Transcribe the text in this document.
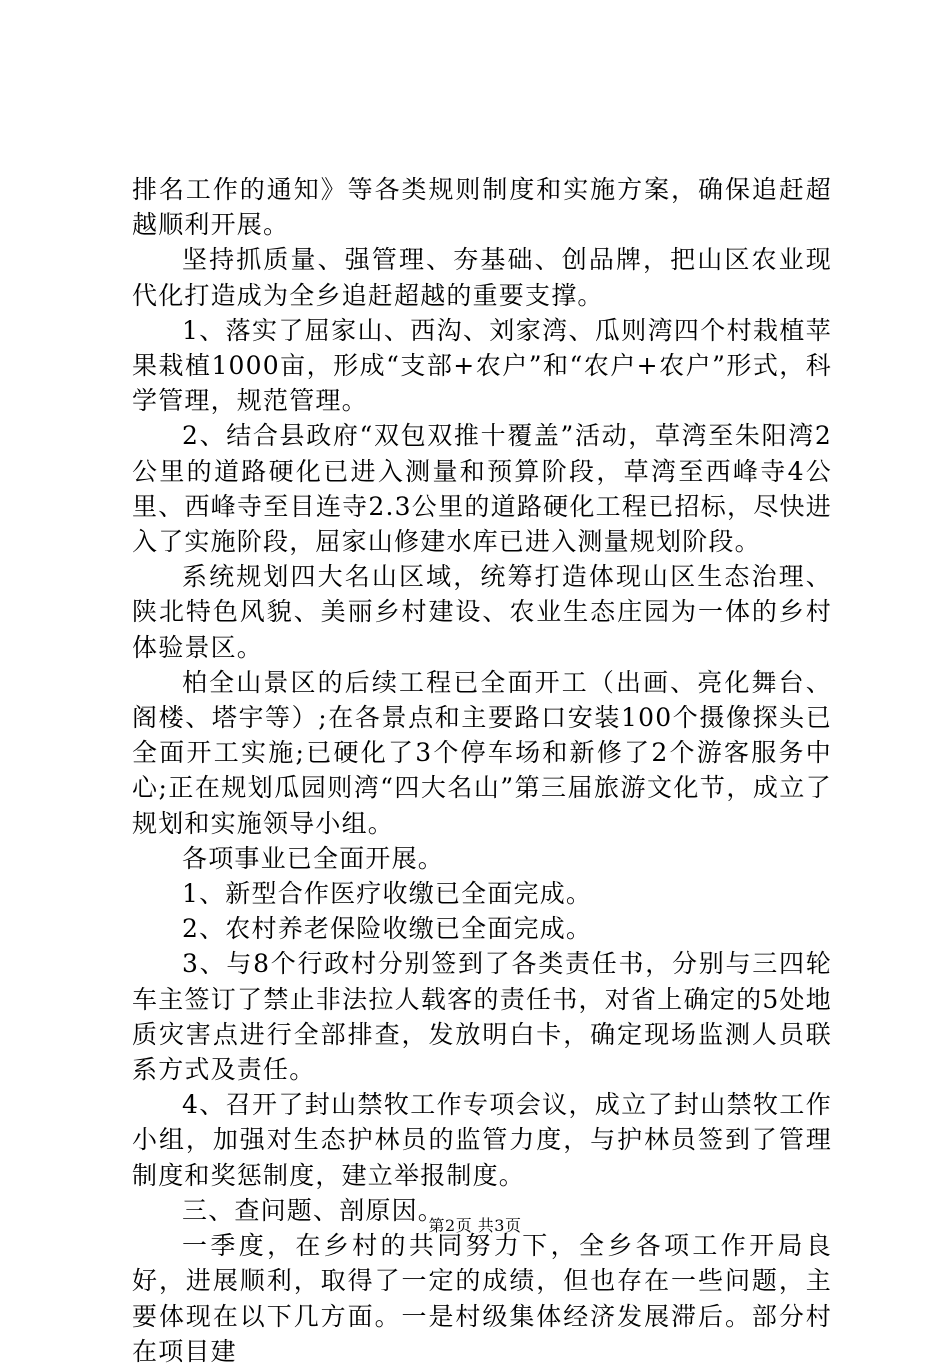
排名工作的通知》等各类规则制度和实施方案，确保追赶超越顺利开展。

坚持抓质量、强管理、夯基础、创品牌，把山区农业现代化打造成为全乡追赶超越的重要支撑。

1、落实了屈家山、西沟、刘家湾、瓜则湾四个村栽植苹果栽植1000亩，形成“支部+农户”和“农户+农户”形式，科学管理，规范管理。

2、结合县政府“双包双推十覆盖”活动，草湾至朱阳湾2公里的道路硬化已进入测量和预算阶段，草湾至西峰寺4公里、西峰寺至目连寺2.3公里的道路硬化工程已招标，尽快进入了实施阶段，屈家山修建水库已进入测量规划阶段。

系统规划四大名山区域，统筹打造体现山区生态治理、陕北特色风貌、美丽乡村建设、农业生态庄园为一体的乡村体验景区。

柏全山景区的后续工程已全面开工（出画、亮化舞台、阁楼、塔宇等）;在各景点和主要路口安装100个摄像探头已全面开工实施;已硬化了3个停车场和新修了2个游客服务中心;正在规划瓜园则湾“四大名山”第三届旅游文化节，成立了规划和实施领导小组。

各项事业已全面开展。

1、新型合作医疗收缴已全面完成。

2、农村养老保险收缴已全面完成。

3、与8个行政村分别签到了各类责任书，分别与三四轮车主签订了禁止非法拉人载客的责任书，对省上确定的5处地质灾害点进行全部排查，发放明白卡，确定现场监测人员联系方式及责任。

4、召开了封山禁牧工作专项会议，成立了封山禁牧工作小组，加强对生态护林员的监管力度，与护林员签到了管理制度和奖惩制度，建立举报制度。

三、查问题、剖原因。

一季度，在乡村的共同努力下，全乡各项工作开局良好，进展顺利，取得了一定的成绩，但也存在一些问题，主要体现在以下几方面。一是村级集体经济发展滞后。部分村在项目建

第2页 共3页
